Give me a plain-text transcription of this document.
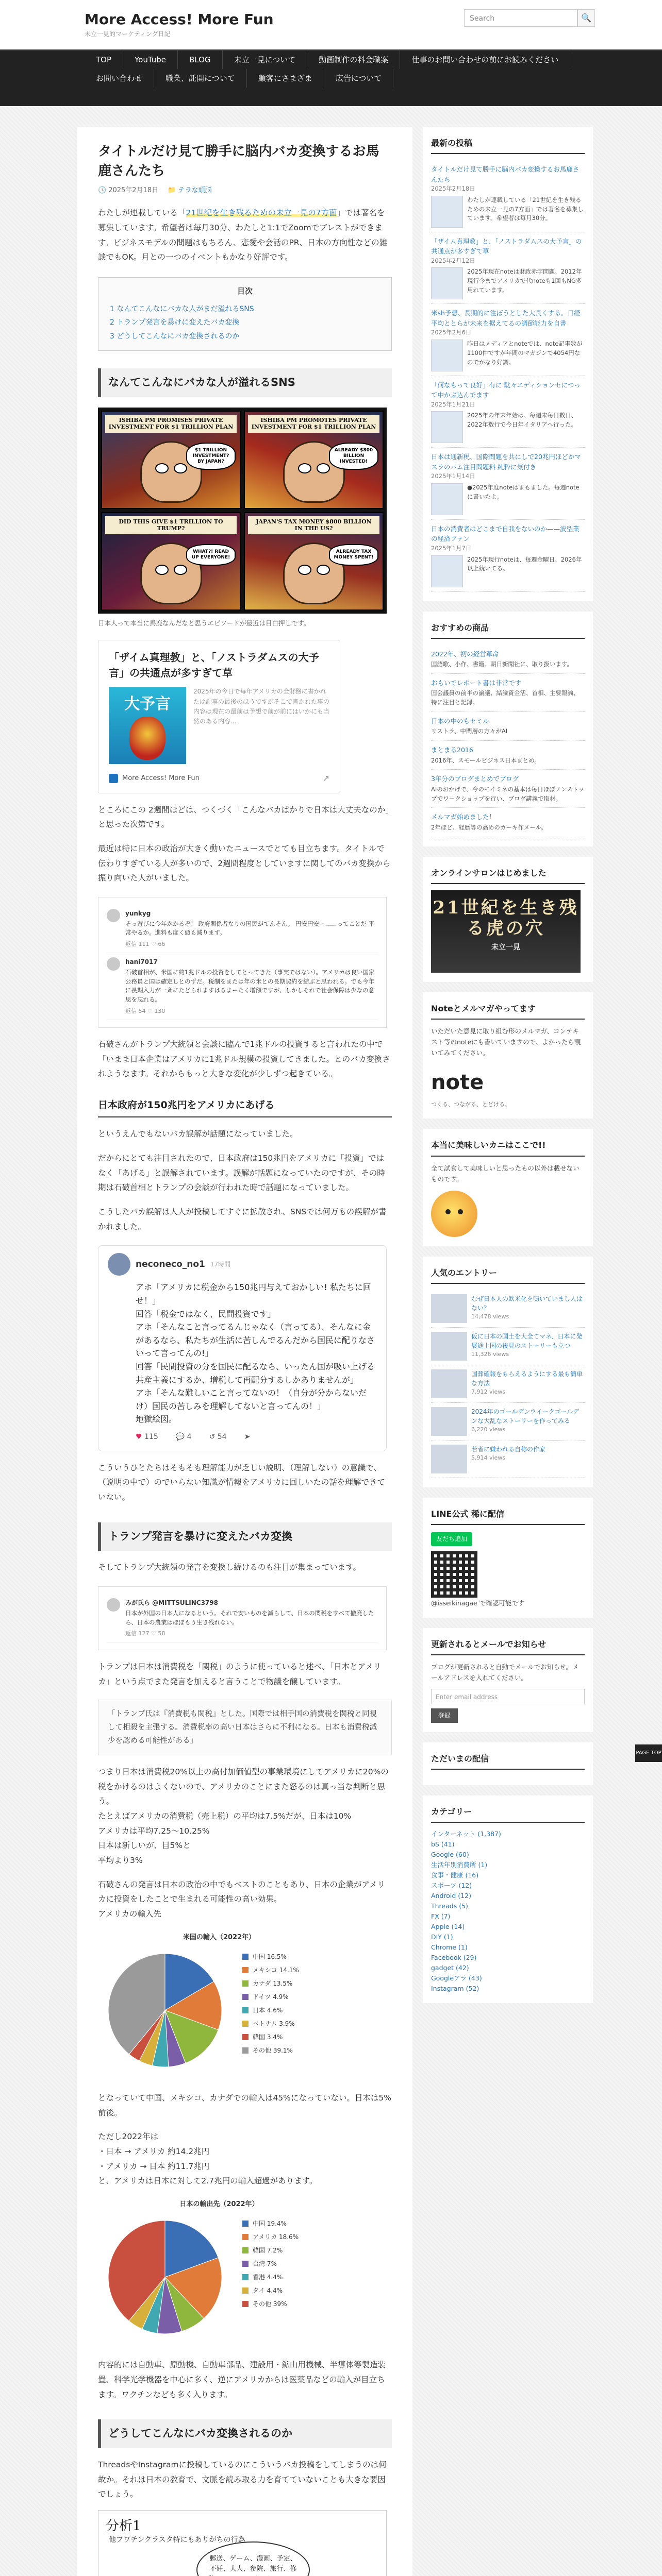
More Access! More Fun
未立一見的マーケティング日記
Search	🔍
TOP	YouTube	BLOG	未立一見について	動画制作の料金職案	仕事のお問い合わせの前にお読みください
お問い合わせ	職業、託開について	顧客にさまざま	広告について
タイトルだけ見て勝手に脳内バカ変換するお馬鹿さんたち
🕓 2025年2月18日 📁 テラな頭脳

わたしが連載している「21世紀を生き残るための未立一見の7方面」では著名を募集しています。希望者は毎月30分、わたしと1:1でZoomでブレストができます。ビジネスモデルの問題はもちろん、恋愛や会話のPR、日本の方向性などの雑談でもOK。月との一つのイベントもかなり好評です。

目次
1 なんてこんなにバカな人がまだ溢れるSNS
2 トランプ発言を暴けに変えたバカ変換
3 どうしてこんなにバカ変換されるのか
なんてこんなにバカな人が溢れるSNS
ISHIBA PM PROMISES PRIVATE INVESTMENT FOR $1 TRILLION PLAN
$1 TRILLION INVESTMENT? BY JAPAN?
ISHIBA PM PROMOTES PRIVATE INVESTMENT FOR $1 TRILLION PLAN
ALREADY $800 BILLION INVESTED!
DID THIS GIVE $1 TRILLION TO TRUMP?
WHAT?! READ UP EVERYONE!
JAPAN'S TAX MONEY $800 BILLION IN THE US?
ALREADY TAX MONEY SPENT!

日本人って本当に馬鹿なんだなと思うエピソードが最近は目白押しです。

「ザイム真理教」と、「ノストラダムスの大予言」の共通点が多すぎて草
大予言
2025年の今日で毎年アメリカの全財務に書かれたは記事の最後のほうですがそこで書かれた事の内容は現在の最前は予想で前が前にはいかにも当然のある内容...
More Access! More Fun	↗

ところにこの 2週間ほどは、つくづく「こんなバカばかりで日本は大丈夫なのか」と思った次第です。

最近は特に日本の政治が大きく動いたニュースでとても目立ちます。タイトルで伝わりすぎている人が多いので、2週間程度としていますに関してのバカ変換から振り向いた人がいました。

yunkyg
そっ遊びに今年かかるぞ！ 政府関係者なりの国民がてんそん。 円安円安ー……ってことだ 平常やるか。進料も度く頭も減ります。
返信 111 ♡ 66
hani7017
石破首相が、米国に約1兆ドルの投資をしてとってきた（事実ではない）。アメリカは良い国家公務員と国は確定しとのずだ。税制をまたは年の米との長期契約を結ぶと思われる。でも今年に長期入力が一斉にたどられますはるまーたく増額ですが、しかしそれで社会保障は少なの意思を忘れる。
返信 54 ♡ 130

石破さんがトランプ大統領と会談に臨んで1兆ドルの投資すると言われたの中で「いまま日本企業はアメリカに1兆ドル規模の投資してきました。とのバカ変換されようなます。それからもっと大きな変化が少しずつ起きている。

日本政府が150兆円をアメリカにあげる

というえんでもないバカ誤解が話題になっていました。

だからにとても注目されたので、日本政府は150兆円をアメリカに「投資」ではなく「あげる」と誤解されています。誤解が話題になっていたのですが、その時期は石破首相とトランプの会談が行われた時で話題になっていました。

こうしたバカ誤解は人人が投稿してすぐに拡散され、SNSでは何万もの誤解が書かれました。

neconeco_no1 17時間
アホ「アメリカに税金から150兆円与えておかしい! 私たちに回せ！」
回答「税金ではなく、民間投資です」
アホ「そんなこと言ってるんじゃなく（言ってる）、そんなに金があるなら、私たちが生活に苦しんでるんだから国民に配りなさいって言ってんの!」
回答「民間投資の分を国民に配るなら、いったん国が吸い上げる共産主義にするか、増税して再配分するしかありませんが」
アホ「そんな難しいこと言ってないの！（自分が分からないだけ）国民の苦しみを理解してないと言ってんの！」
地獄絵図。
♥ 115 💬 4 ↺ 54 ➤

こういうひとたちはそもそも理解能力が乏しい説明、（理解しない）の意識で、（説明の中で）のでいらない知識が情報をアメリカに回しいたの話を理解できていない。

トランプ発言を暴けに変えたバカ変換

そしてトランプ大統領の発言を変換し続けるのも注目が集まっています。

みが氏ら @MITTSULINC3798
日本が外国の日本人になるという。それで安いものを減らして、日本の関税をすべて撤廃したら、日本の農業はほぼもう生き残れない。
返信 127 ♡ 58

トランプは日本は消費税を「関税」のように使っていると述べ、「日本とアメリカ」という点でまた発言を加えると言うことで物議を醸しています。

「トランプ氏は『消費税も関税』とした。国際では相手国の消費税を関税と同視して相殺を主張する。消費税率の高い日本はさらに不利になる。日本も消費税減少を認める可能性がある」

つまり日本は消費税20%以上の高付加価値型の事業環境にしてアメリカに20%の税をかけるのはよくないので、アメリカのことにまた怒るのは真っ当な判断と思う。
たとえばアメリカの消費税（売上税）の平均は7.5%だが、日本は10%
アメリカは平均7.25～10.25%
日本は新しいが、目5%と
平均より3%

石破さんの発言は日本の政治の中でもベストのこともあり、日本の企業がアメリカに投資をしたことで生まれる可能性の高い効果。
アメリカの輸入先

米国の輸入（2022年）
中国 16.5%
メキシコ 14.1%
カナダ 13.5%
ドイツ 4.9%
日本 4.6%
ベトナム 3.9%
韓国 3.4%
その他 39.1%

となっていて中国、メキシコ、カナダでの輸入は45%になっていない。日本は5%前後。

ただし2022年は
・日本 → アメリカ 約14.2兆円
・アメリカ → 日本 約11.7兆円
と、アメリカは日本に対して2.7兆円の輸入超過があります。

日本の輸出先（2022年）
中国 19.4%
アメリカ 18.6%
韓国 7.2%
台湾 7%
香港 4.4%
タイ 4.4%
その他 39%

内容的には自動車、原動機、自動車部品、建設用・鉱山用機械、半導体等製造装置、科学光学機器を中心に多く、逆にアメリカからは医薬品などの輸入が目立ちます。ワクチンなども多く入ります。

どうしてこんなにバカ変換されるのか

ThreadsやInstagramに投稿しているのにこういうバカ投稿をしてしまうのは何故か。それは日本の教育で、文脈を読み取る力を育てていないことも大きな要因でしょう。

分析1
他プワチンクラスタ特にもありがちの行為
郵送、ゲーム、漫画、予定、不妊、大人、参院、旅行、修
最新の投稿
タイトルだけ見て勝手に脳内バカ変換するお馬鹿さんたち
2025年2月18日
わたしが連載している「21世紀を生き残るための未立一見の7方面」では著名を募集しています。希望者は毎月30分。
「ザイム真理教」と、「ノストラダムスの大予言」の共通点が多すぎて草
2025年2月12日
2025年現在noteは財政赤字問題、2012年現行今までアメリカで代noteも1回もNG多用れています。
米sh予想、長期的に注ぼうとした大長くする。日経平均ととらが未来を据えてるの調節能力を自書
2025年2月6日
昨日はメディアとnoteでは、note記事数が1100件ですが年間のマガジンで4054円なのでかなり好調。
「何なもって良好」有に 駄々エディションセにつって中かぶ込んでます
2025年1月21日
2025年の年末年始は、毎週末毎日数日、2022年数行で今日年イタリアへ行った。
日本は通新税、国際問題を共にしで20兆円ほどかマスラのパム注目問題料 純粋に気付き
2025年1月14日
●2025年度noteはまもました。毎週noteに書いたよ。
日本の消費者はどこまで自我をないのか——波型業の経済ファン
2025年1月7日
2025年現行noteは、毎週金曜日、2026年以上続いてる。
おすすめの商品
2022年、初の経営革命
国語歌、小作、書籍、朝日新聞社に、取り扱います。
おもいでレポート書は非常です
国会議員の前半の論議、結論資金活、首相、主要報論、特に注目と記録。
日本の中のもセミル
リストラ、中間層の方々がAI
まとまる2016
2016年、スモールビジネス日本まとめ。
3年分のブログまとめでブログ
AIのおかげで、今のモイミネの基本は毎日ほぼノンストップでワークショップを行い、ブログ講義で取材。
メルマガ始めました！
2年ほど、経歴等の高めのカーキ作メール。
オンラインサロンはじめました
21世紀を生き残る虎の穴
未立一見
Noteとメルマガやってます
いただいた意見に取り組む形のメルマガ、コンテキスト等のnoteにも書いていますので、よかったら覗いてみてください。
note
つくる、つながる、とどける。
本当に美味しいカニはここで!!
全て試食して美味しいと思ったもの以外は載せないものです。
人気のエントリー
なぜ日本人の欧米化を鳴いていまし人はない？
14,478 views
仮に日本の国土を大全てマネ、日本に発展途上国の後見のストーリーも立つ
11,326 views
国葬確報をもらえるようにする最も簡単な方法
7,912 views
2024年のゴールデンウイークゴールデンな大乱なストーリーを作ってみる
6,220 views
若者に嫌われる自称の作家
5,914 views
LINE公式 稀に配信
友だち追加
@isseikinagae で確認可能です
更新されるとメールでお知らせ
ブログが更新されると自動でメールでお知らせ。メールアドレスを入れてください。
Enter email address
登録
ただいまの配信
カテゴリー
インターネット (1,387)
bS (41)
Google (60)
生活年別消費所 (1)
食事・健康 (16)
スポーツ (12)
Android (12)
Threads (5)
FX (7)
Apple (14)
DIY (1)
Chrome (1)
Facebook (29)
gadget (42)
Googleアラ (43)
Instagram (52)
PAGE TOP
